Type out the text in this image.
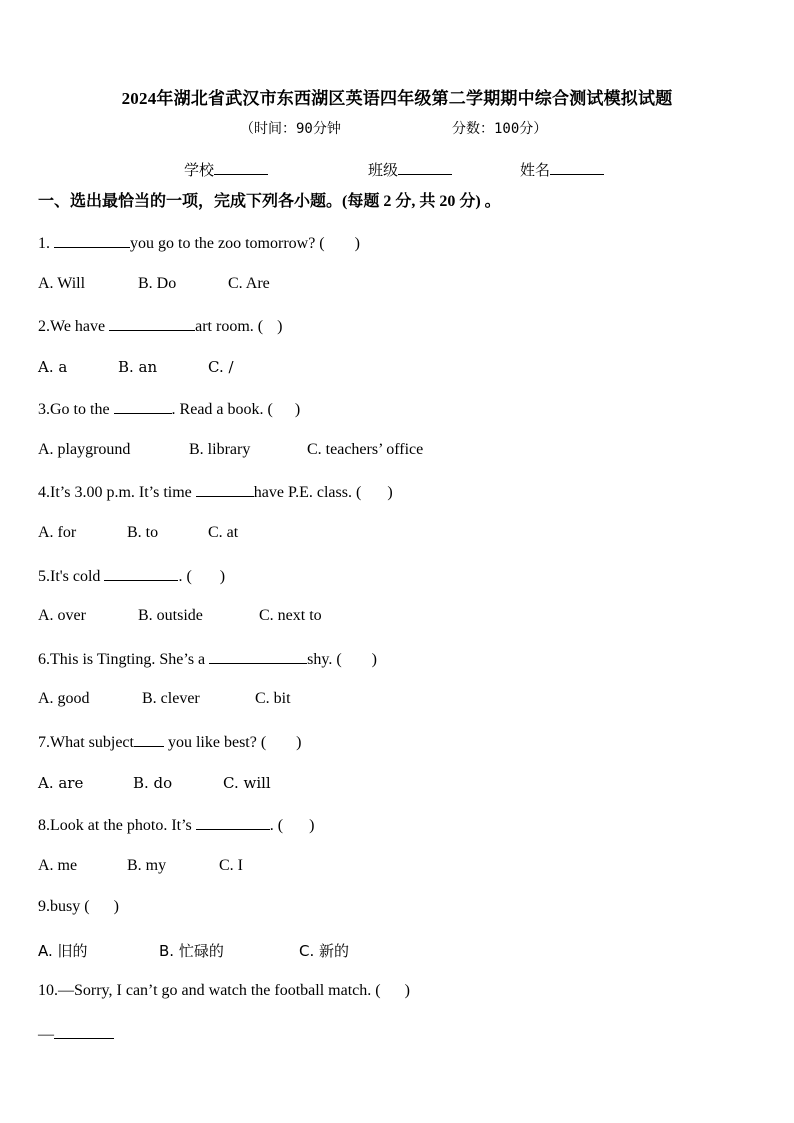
2024年湖北省武汉市东西湖区英语四年级第二学期期中综合测试模拟试题
（时间：90分钟	分数：100分）
学校	班级	姓名
一、选出最恰当的一项，完成下列各小题。(每题 2 分, 共 20 分) 。
1.	you go to the zoo tomorrow? ( )
A. Will	B. Do	C. Are
2.We have	art room. ( )
A. a	B. an	C. /
3.Go to the	. Read a book. ( )
A. playground	B. library	C. teachers’ office
4.It’s 3.00 p.m. It’s time	have P.E. class. ( )
A. for	B. to	C. at
5.It's cold	. ( )
A. over	B. outside	C. next to
6.This is Tingting. She’s a	shy. ( )
A. good	B. clever	C. bit
7.What subject you like best? ( )
A. are	B. do	C. will
8.Look at the photo. It’s	. ( )
A. me	B. my	C. I
9.busy ( )
A. 旧的	B. 忙碌的	C. 新的
10.—Sorry, I can’t go and watch the football match. ( )
—
